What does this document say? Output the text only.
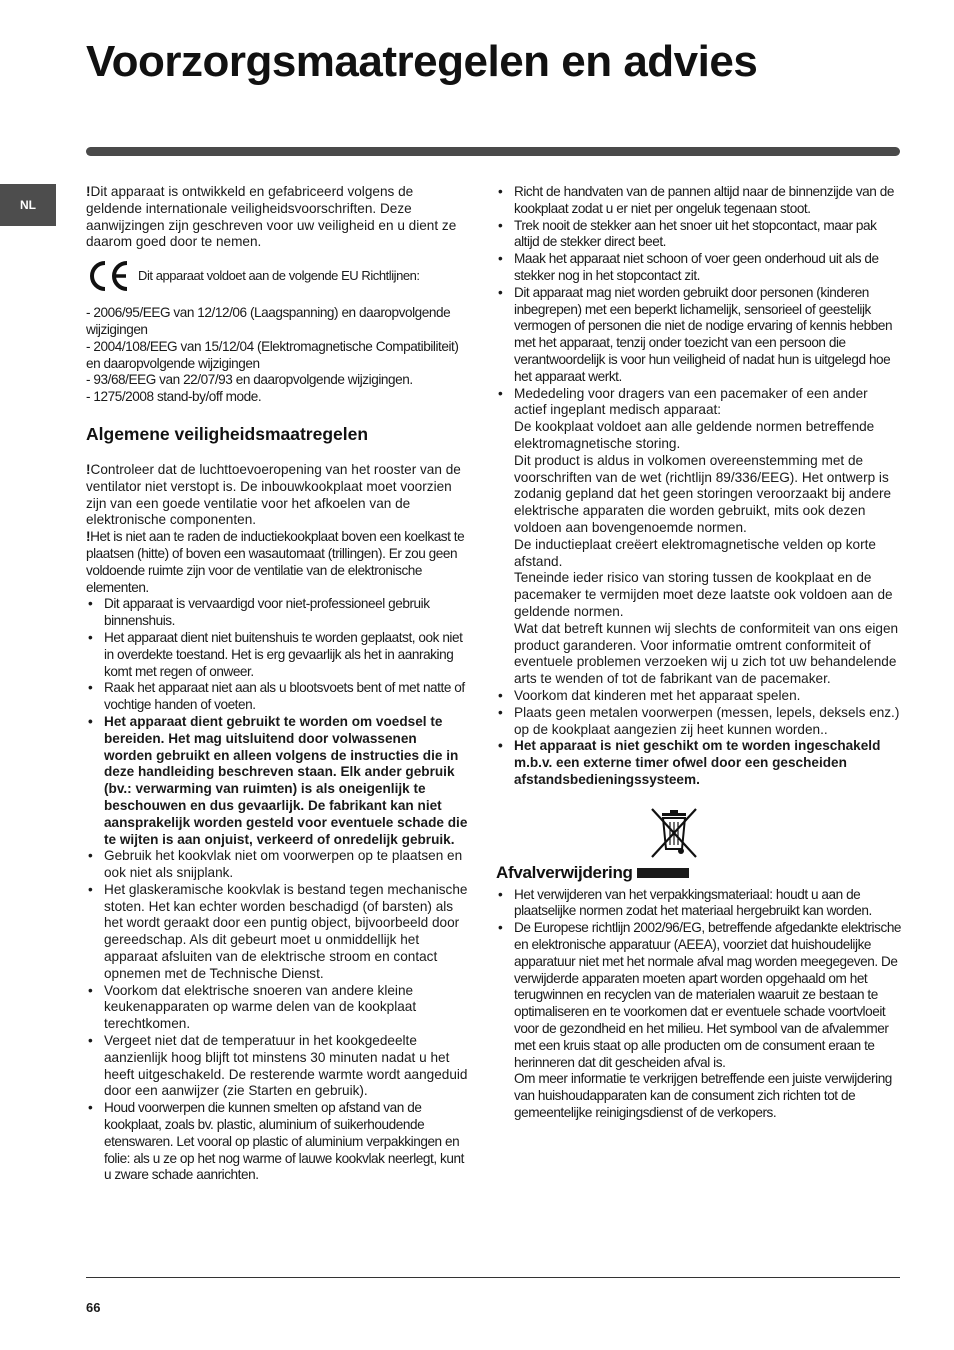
Voorzorgsmaatregelen en advies
NL

!Dit apparaat is ontwikkeld en gefabriceerd volgens de geldende internationale veiligheidsvoorschriften. Deze aanwijzingen zijn geschreven voor uw veiligheid en u dient ze daarom goed door te nemen.

Dit apparaat voldoet aan de volgende EU Richtlijnen:
- 2006/95/EEG van 12/12/06 (Laagspanning) en daaropvolgende wijzigingen
- 2004/108/EEG van 15/12/04 (Elektromagnetische Compatibiliteit) en daaropvolgende wijzigingen
- 93/68/EEG van 22/07/93 en daaropvolgende wijzigingen.
- 1275/2008 stand-by/off mode.
Algemene veiligheidsmaatregelen

!Controleer dat de luchttoevoeropening van het rooster van de ventilator niet verstopt is. De inbouwkookplaat moet voorzien zijn van een goede ventilatie voor het afkoelen van de elektronische componenten.

!Het is niet aan te raden de inductiekookplaat boven een koelkast te plaatsen (hitte) of boven een wasautomaat (trillingen). Er zou geen voldoende ruimte zijn voor de ventilatie van de elektronische elementen.

• Dit apparaat is vervaardigd voor niet-professioneel gebruik binnenshuis.
• Het apparaat dient niet buitenshuis te worden geplaatst, ook niet in overdekte toestand. Het is erg gevaarlijk als het in aanraking komt met regen of onweer.
• Raak het apparaat niet aan als u blootsvoets bent of met natte of vochtige handen of voeten.
• Het apparaat dient gebruikt te worden om voedsel te bereiden. Het mag uitsluitend door volwassenen worden gebruikt en alleen volgens de instructies die in deze handleiding beschreven staan. Elk ander gebruik (bv.: verwarming van ruimten) is als oneigenlijk te beschouwen en dus gevaarlijk. De fabrikant kan niet aansprakelijk worden gesteld voor eventuele schade die te wijten is aan onjuist, verkeerd of onredelijk gebruik.
• Gebruik het kookvlak niet om voorwerpen op te plaatsen en ook niet als snijplank.
• Het glaskeramische kookvlak is bestand tegen mechanische stoten. Het kan echter worden beschadigd (of barsten) als het wordt geraakt door een puntig object, bijvoorbeeld door gereedschap. Als dit gebeurt moet u onmiddellijk het apparaat afsluiten van de elektrische stroom en contact opnemen met de Technische Dienst.
• Voorkom dat elektrische snoeren van andere kleine keukenapparaten op warme delen van de kookplaat terechtkomen.
• Vergeet niet dat de temperatuur in het kookgedeelte aanzienlijk hoog blijft tot minstens 30 minuten nadat u het heeft uitgeschakeld. De resterende warmte wordt aangeduid door een aanwijzer (zie Starten en gebruik).
• Houd voorwerpen die kunnen smelten op afstand van de kookplaat, zoals bv. plastic, aluminium of suikerhoudende etenswaren. Let vooral op plastic of aluminium verpakkingen en folie: als u ze op het nog warme of lauwe kookvlak neerlegt, kunt u zware schade aanrichten.
• Richt de handvaten van de pannen altijd naar de binnenzijde van de kookplaat zodat u er niet per ongeluk tegenaan stoot.
• Trek nooit de stekker aan het snoer uit het stopcontact, maar pak altijd de stekker direct beet.
• Maak het apparaat niet schoon of voer geen onderhoud uit als de stekker nog in het stopcontact zit.
• Dit apparaat mag niet worden gebruikt door personen (kinderen inbegrepen) met een beperkt lichamelijk, sensorieel of geestelijk vermogen of personen die niet de nodige ervaring of kennis hebben met het apparaat, tenzij onder toezicht van een persoon die verantwoordelijk is voor hun veiligheid of nadat hun is uitgelegd hoe het apparaat werkt.
• Mededeling voor dragers van een pacemaker of een ander actief ingeplant medisch apparaat:
De kookplaat voldoet aan alle geldende normen betreffende elektromagnetische storing.
Dit product is aldus in volkomen overeenstemming met de voorschriften van de wet (richtlijn 89/336/EEG). Het ontwerp is zodanig gepland dat het geen storingen veroorzaakt bij andere elektrische apparaten die worden gebruikt, mits ook dezen voldoen aan bovengenoemde normen.
De inductieplaat creëert elektromagnetische velden op korte afstand.
Teneinde ieder risico van storing tussen de kookplaat en de pacemaker te vermijden moet deze laatste ook voldoen aan de geldende normen.
Wat dat betreft kunnen wij slechts de conformiteit van ons eigen product garanderen. Voor informatie omtrent conformiteit of eventuele problemen verzoeken wij u zich tot uw behandelende arts te wenden of tot de fabrikant van de pacemaker.
• Voorkom dat kinderen met het apparaat spelen.
• Plaats geen metalen voorwerpen (messen, lepels, deksels enz.) op de kookplaat aangezien zij heet kunnen worden..
• Het apparaat is niet geschikt om te worden ingeschakeld m.b.v. een externe timer ofwel door een gescheiden afstandsbedieningssysteem.
Afvalverwijdering
• Het verwijderen van het verpakkingsmateriaal: houdt u aan de plaatselijke normen zodat het materiaal hergebruikt kan worden.
• De Europese richtlijn 2002/96/EG, betreffende afgedankte elektrische en elektronische apparatuur (AEEA), voorziet dat huishoudelijke apparatuur niet met het normale afval mag worden meegegeven. De verwijderde apparaten moeten apart worden opgehaald om het terugwinnen en recyclen van de materialen waaruit ze bestaan te optimaliseren en te voorkomen dat er eventuele schade voortvloeit voor de gezondheid en het milieu. Het symbool van de afvalemmer met een kruis staat op alle producten om de consument eraan te herinneren dat dit gescheiden afval is.
Om meer informatie te verkrijgen betreffende een juiste verwijdering van huishoudapparaten kan de consument zich richten tot de gemeentelijke reinigingsdienst of de verkopers.
66
